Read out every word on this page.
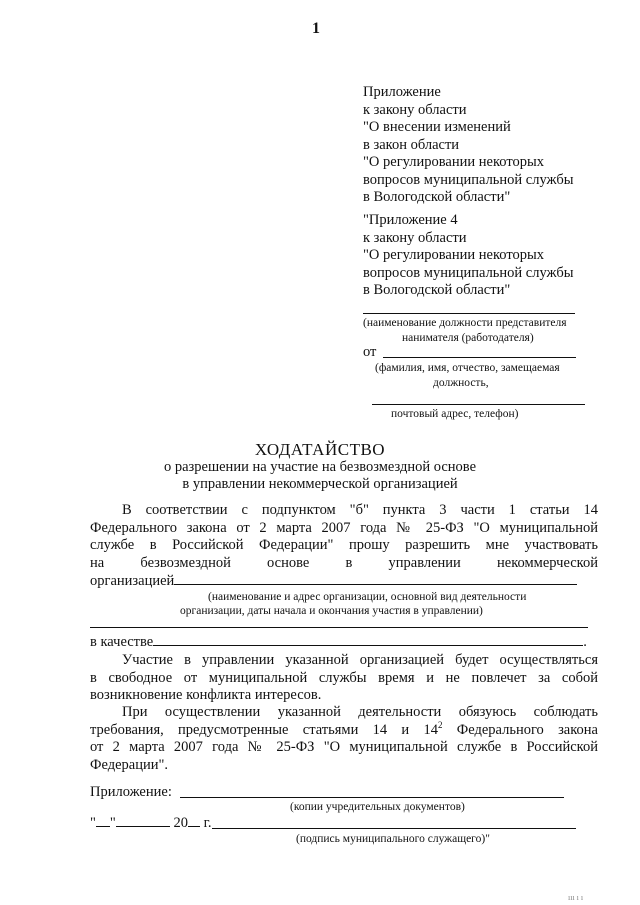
1
Приложение
к закону области
"О внесении изменений
в закон области
"О регулировании некоторых
вопросов муниципальной службы
в Вологодской области"
"Приложение 4
к закону области
"О регулировании некоторых
вопросов муниципальной службы
в Вологодской области"
(наименование должности представителя
нанимателя (работодателя)
от
(фамилия, имя, отчество, замещаемая
должность,
почтовый адрес, телефон)
ХОДАТАЙСТВО
о разрешении на участие на безвозмездной основе
в управлении некоммерческой организацией
В соответствии с подпунктом "б" пункта 3 части 1 статьи 14
Федерального закона от 2 марта 2007 года № 25-ФЗ "О муниципальной
службе в Российской Федерации" прошу разрешить мне участвовать
на безвозмездной основе в управлении некоммерческой
организацией
(наименование и адрес организации, основной вид деятельности
организации, даты начала и окончания участия в управлении)
в качестве	.
Участие в управлении указанной организацией будет осуществляться
в свободное от муниципальной службы время и не повлечет за собой
возникновение конфликта интересов.
При осуществлении указанной деятельности обязуюсь соблюдать
требования, предусмотренные статьями 14 и $14^2$ Федерального закона
от 2 марта 2007 года № 25-ФЗ "О муниципальной службе в Российской
Федерации".
Приложение:
(копии учредительных документов)
" "	20 г.
(подпись муниципального служащего)"
ııı ı ı
